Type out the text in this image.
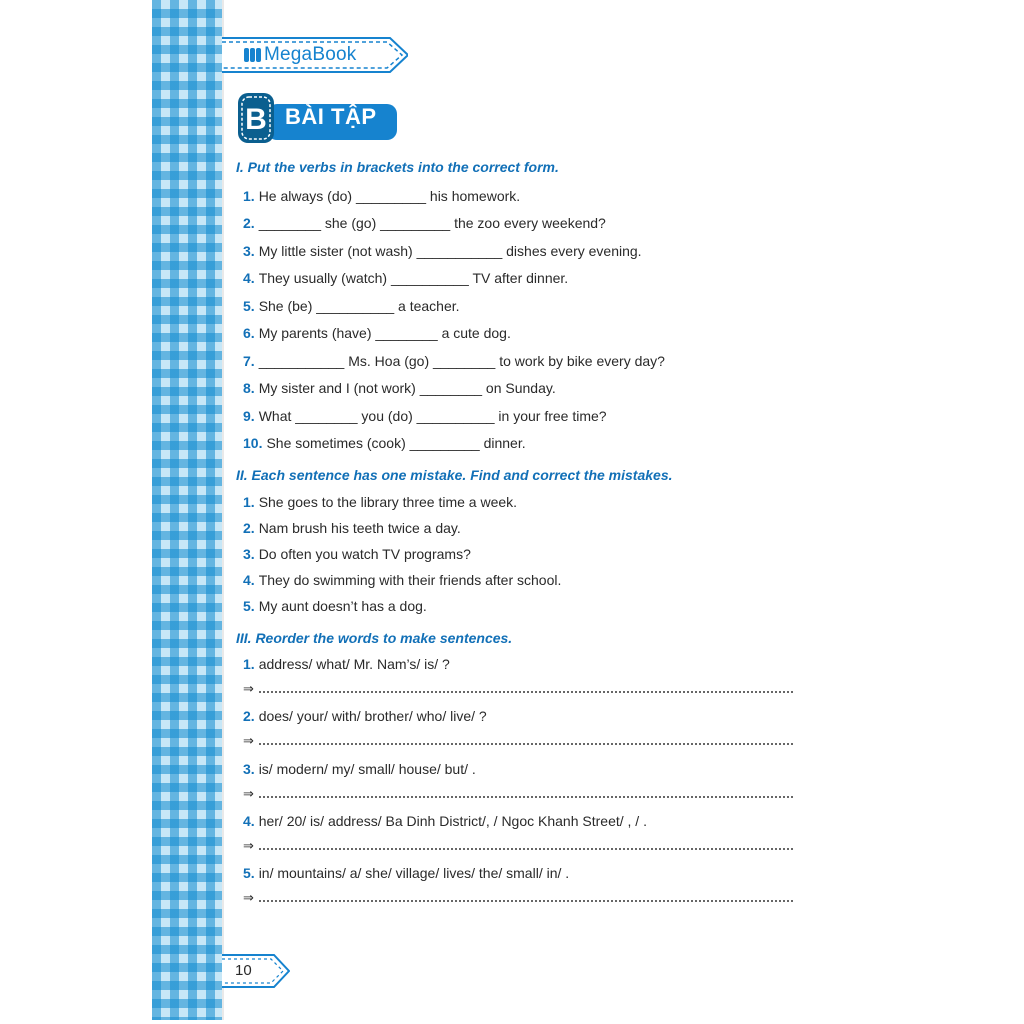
MegaBook
B BÀI TẬP
I. Put the verbs in brackets into the correct form.
1. He always (do) _________ his homework.
2. ________ she (go) _________ the zoo every weekend?
3. My little sister (not wash) ___________ dishes every evening.
4. They usually (watch) __________ TV after dinner.
5. She (be) __________ a teacher.
6. My parents (have) ________ a cute dog.
7. ___________ Ms. Hoa (go) ________ to work by bike every day?
8. My sister and I (not work) ________ on Sunday.
9. What ________ you (do) __________ in your free time?
10. She sometimes (cook) _________ dinner.
II. Each sentence has one mistake. Find and correct the mistakes.
1. She goes to the library three time a week.
2. Nam brush his teeth twice a day.
3. Do often you watch TV programs?
4. They do swimming with their friends after school.
5. My aunt doesn’t has a dog.
III. Reorder the words to make sentences.
1. address/ what/ Mr. Nam’s/ is/ ?
⇒
2. does/ your/ with/ brother/ who/ live/ ?
⇒
3. is/ modern/ my/ small/ house/ but/ .
⇒
4. her/ 20/ is/ address/ Ba Dinh District/, / Ngoc Khanh Street/ , / .
⇒
5. in/ mountains/ a/ she/ village/ lives/ the/ small/ in/ .
⇒
10
